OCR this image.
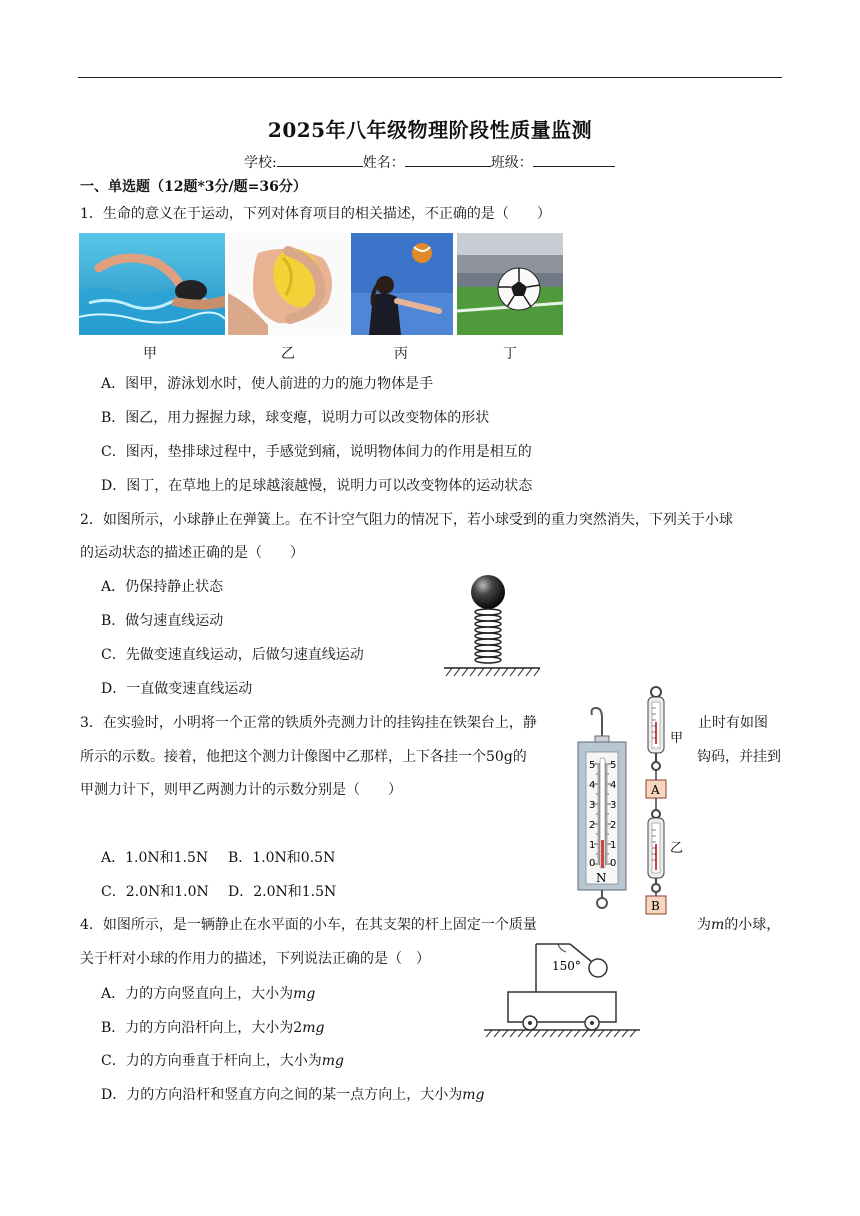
2025年八年级物理阶段性质量监测
学校:	姓名：	班级：
一、单选题（12题*3分/题=36分）
1．生命的意义在于运动，下列对体育项目的相关描述，不正确的是（　　）
甲	乙	丙	丁
A．图甲，游泳划水时，使人前进的力的施力物体是手
B．图乙，用力握握力球，球变瘪，说明力可以改变物体的形状
C．图丙，垫排球过程中，手感觉到痛，说明物体间力的作用是相互的
D．图丁，在草地上的足球越滚越慢，说明力可以改变物体的运动状态
2．如图所示，小球静止在弹簧上。在不计空气阻力的情况下，若小球受到的重力突然消失，下列关于小球
的运动状态的描述正确的是（　　）
A．仍保持静止状态
B．做匀速直线运动
C．先做变速直线运动，后做匀速直线运动
D．一直做变速直线运动
3．在实验时，小明将一个正常的铁质外壳测力计的挂钩挂在铁架台上，静	止时有如图
所示的示数。接着，他把这个测力计像图中乙那样，上下各挂一个50g的	钩码，并挂到
甲测力计下，则甲乙两测力计的示数分别是（　　）
A．1.0N和1.5N B．1.0N和0.5N
C．2.0N和1.0N D．2.0N和1.5N
5
4
3
2
1
0
5
4
3
2
1
0
N
甲
A
乙
B
4．如图所示，是一辆静止在水平面的小车，在其支架的杆上固定一个质量	为m的小球，
关于杆对小球的作用力的描述，下列说法正确的是（　）
A．力的方向竖直向上，大小为mg
B．力的方向沿杆向上，大小为2mg
C．力的方向垂直于杆向上，大小为mg
D．力的方向沿杆和竖直方向之间的某一点方向上，大小为mg
150°
